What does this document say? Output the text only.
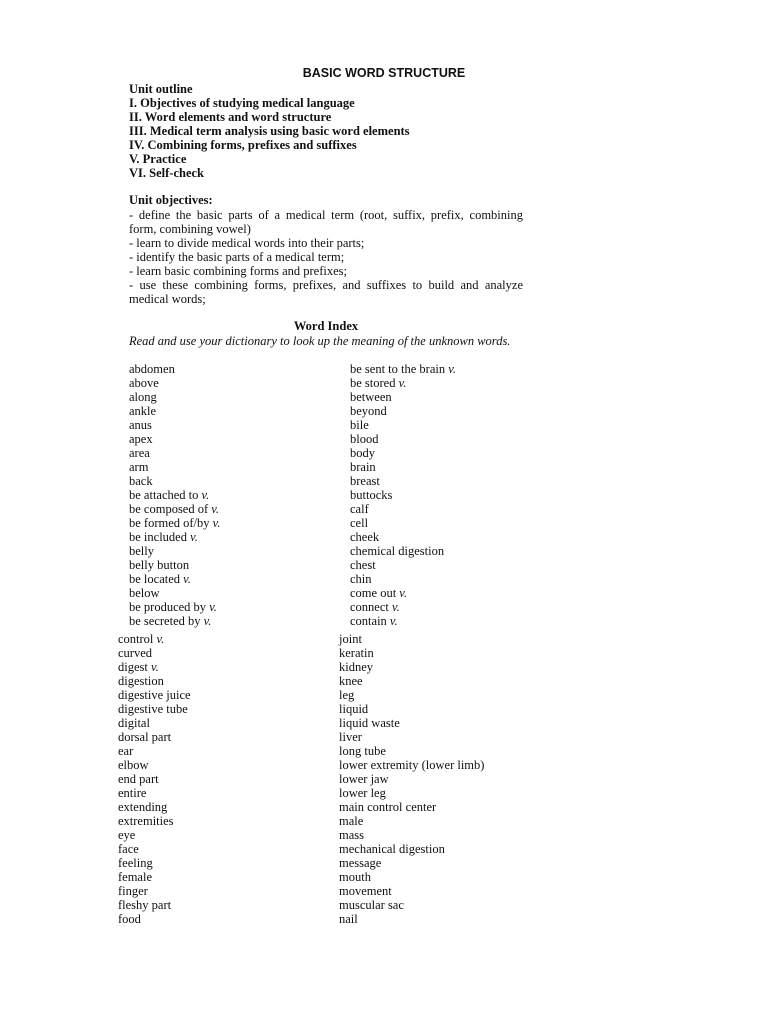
BASIC WORD STRUCTURE
Unit outline
I. Objectives of studying medical language
II. Word elements and word structure
III. Medical term analysis using basic word elements
IV. Combining forms, prefixes and suffixes
V. Practice
VI. Self-check
Unit objectives:
- define the basic parts of a medical term (root, suffix, prefix, combining
form, combining vowel)
- learn to divide medical words into their parts;
- identify the basic parts of a medical term;
- learn basic combining forms and prefixes;
- use these combining forms, prefixes, and suffixes to build and analyze
medical words;
Word Index
Read and use your dictionary to look up the meaning of the unknown words.
abdomen
above
along
ankle
anus
apex
area
arm
back
be attached to v.
be composed of v.
be formed of/by v.
be included v.
belly
belly button
be located v.
below
be produced by v.
be secreted by v.
be sent to the brain v.
be stored v.
between
beyond
bile
blood
body
brain
breast
buttocks
calf
cell
cheek
chemical digestion
chest
chin
come out v.
connect v.
contain v.
control v.
curved
digest v.
digestion
digestive juice
digestive tube
digital
dorsal part
ear
elbow
end part
entire
extending
extremities
eye
face
feeling
female
finger
fleshy part
food
joint
keratin
kidney
knee
leg
liquid
liquid waste
liver
long tube
lower extremity (lower limb)
lower jaw
lower leg
main control center
male
mass
mechanical digestion
message
mouth
movement
muscular sac
nail
